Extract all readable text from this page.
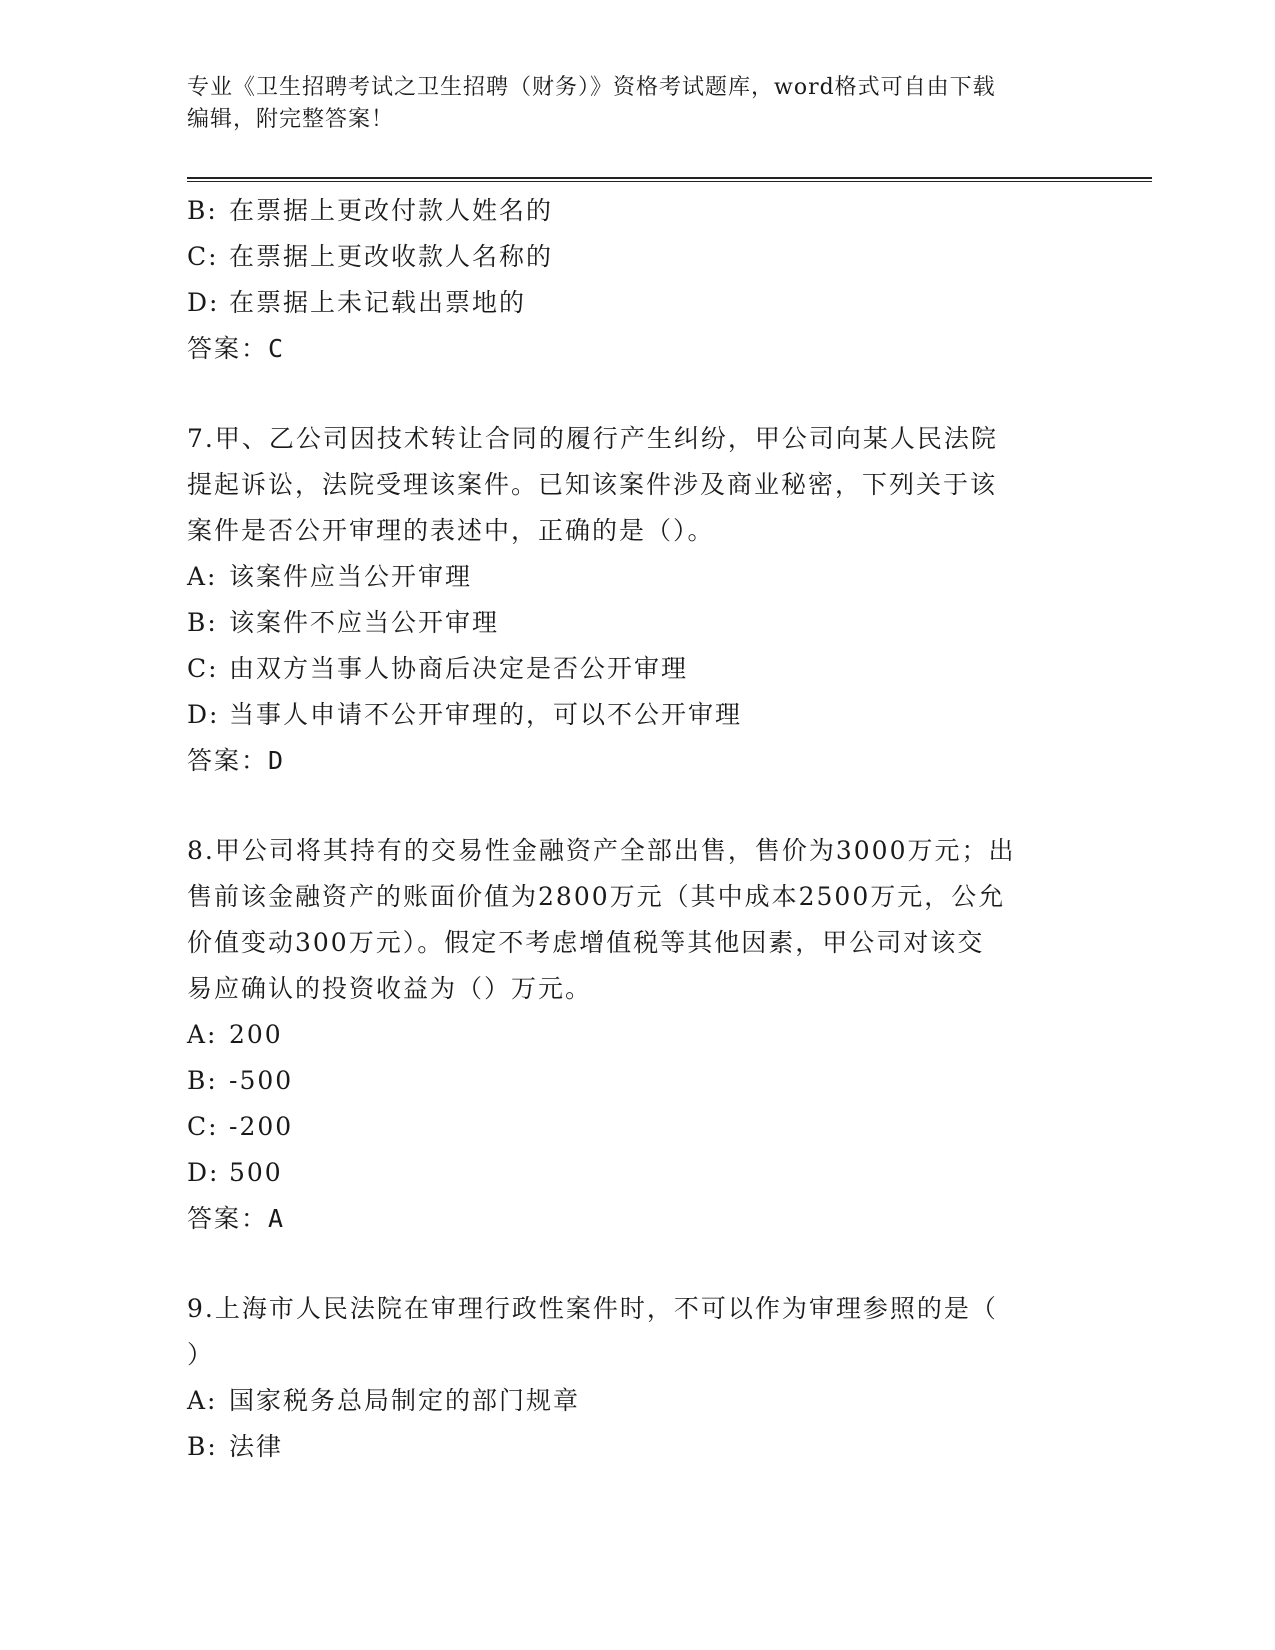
专业《卫生招聘考试之卫生招聘（财务）》资格考试题库，word格式可自由下载
编辑，附完整答案！
B: 在票据上更改付款人姓名的
C: 在票据上更改收款人名称的
D: 在票据上未记载出票地的
答案：C
7.甲、乙公司因技术转让合同的履行产生纠纷，甲公司向某人民法院
提起诉讼，法院受理该案件。已知该案件涉及商业秘密，下列关于该
案件是否公开审理的表述中，正确的是（）。
A: 该案件应当公开审理
B: 该案件不应当公开审理
C: 由双方当事人协商后决定是否公开审理
D: 当事人申请不公开审理的，可以不公开审理
答案：D
8.甲公司将其持有的交易性金融资产全部出售，售价为3000万元；出
售前该金融资产的账面价值为2800万元（其中成本2500万元，公允
价值变动300万元）。假定不考虑增值税等其他因素，甲公司对该交
易应确认的投资收益为（）万元。
A: 200
B: -500
C: -200
D: 500
答案：A
9.上海市人民法院在审理行政性案件时，不可以作为审理参照的是（
）
A: 国家税务总局制定的部门规章
B: 法律
